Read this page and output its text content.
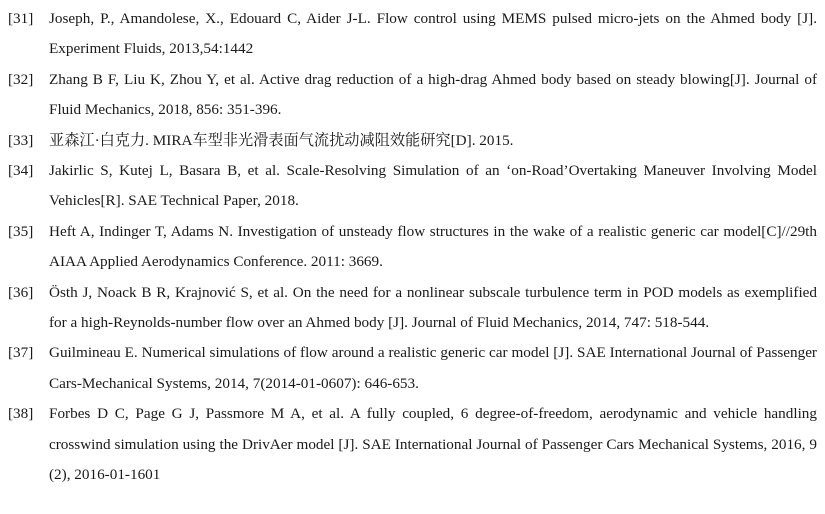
[31] Joseph, P., Amandolese, X., Edouard C, Aider J-L. Flow control using MEMS pulsed micro-jets on the Ahmed body [J]. Experiment Fluids, 2013,54:1442

[32] Zhang B F, Liu K, Zhou Y, et al. Active drag reduction of a high-drag Ahmed body based on steady blowing[J]. Journal of Fluid Mechanics, 2018, 856: 351-396.

[33] 亚森江·白克力. MIRA车型非光滑表面气流扰动减阻效能研究[D]. 2015.

[34] Jakirlic S, Kutej L, Basara B, et al. Scale-Resolving Simulation of an ‘on-Road’Overtaking Maneuver Involving Model Vehicles[R]. SAE Technical Paper, 2018.

[35] Heft A, Indinger T, Adams N. Investigation of unsteady flow structures in the wake of a realistic generic car model[C]//29th AIAA Applied Aerodynamics Conference. 2011: 3669.

[36] Östh J, Noack B R, Krajnović S, et al. On the need for a nonlinear subscale turbulence term in POD models as exemplified for a high-Reynolds-number flow over an Ahmed body [J]. Journal of Fluid Mechanics, 2014, 747: 518-544.

[37] Guilmineau E. Numerical simulations of flow around a realistic generic car model [J]. SAE International Journal of Passenger Cars-Mechanical Systems, 2014, 7(2014-01-0607): 646-653.

[38] Forbes D C, Page G J, Passmore M A, et al. A fully coupled, 6 degree-of-freedom, aerodynamic and vehicle handling crosswind simulation using the DrivAer model [J]. SAE International Journal of Passenger Cars Mechanical Systems, 2016, 9 (2), 2016-01-1601
